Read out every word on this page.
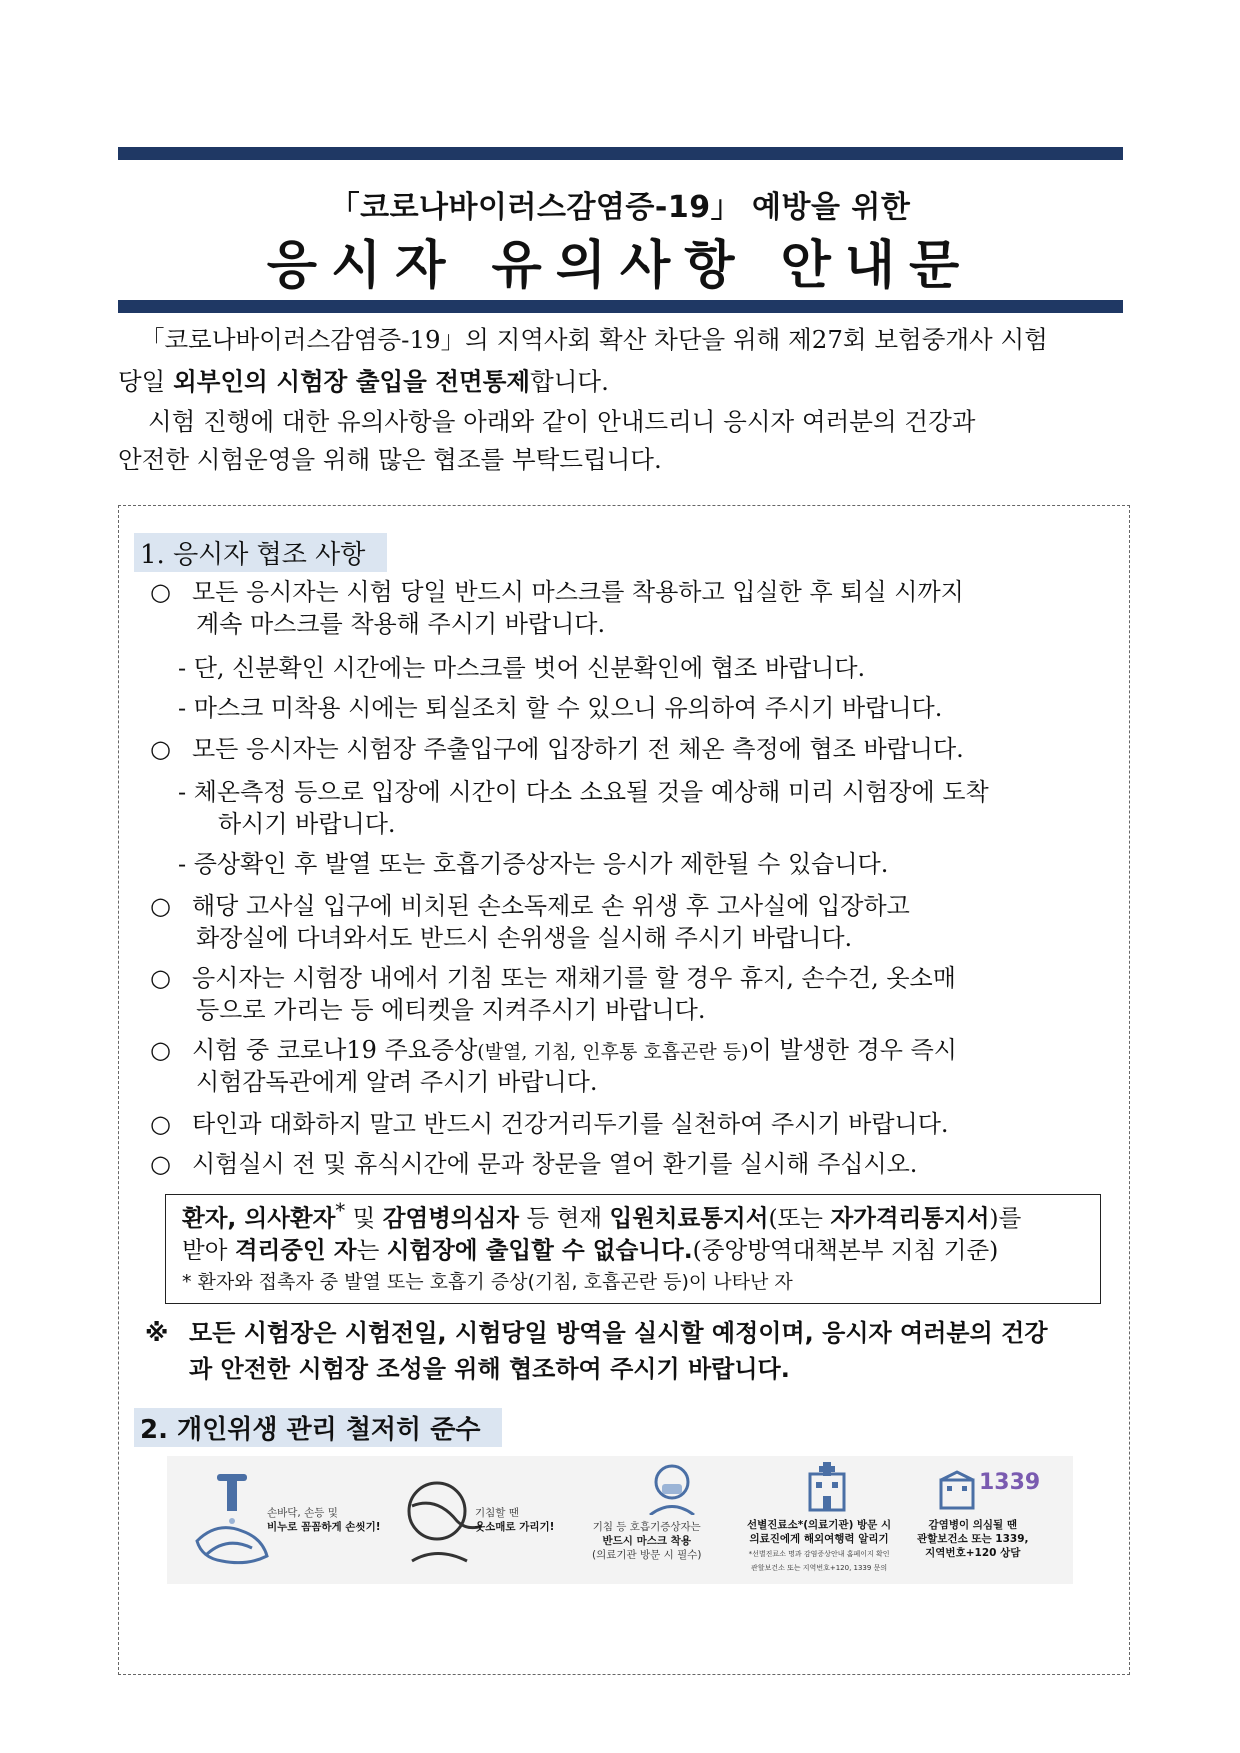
「코로나바이러스감염증-19」 예방을 위한
응시자 유의사항 안내문
「코로나바이러스감염증-19」의 지역사회 확산 차단을 위해 제27회 보험중개사 시험
당일 외부인의 시험장 출입을 전면통제합니다.
시험 진행에 대한 유의사항을 아래와 같이 안내드리니 응시자 여러분의 건강과
안전한 시험운영을 위해 많은 협조를 부탁드립니다.
1. 응시자 협조 사항
○ 모든 응시자는 시험 당일 반드시 마스크를 착용하고 입실한 후 퇴실 시까지
계속 마스크를 착용해 주시기 바랍니다.
- 단, 신분확인 시간에는 마스크를 벗어 신분확인에 협조 바랍니다.
- 마스크 미착용 시에는 퇴실조치 할 수 있으니 유의하여 주시기 바랍니다.
○ 모든 응시자는 시험장 주출입구에 입장하기 전 체온 측정에 협조 바랍니다.
- 체온측정 등으로 입장에 시간이 다소 소요될 것을 예상해 미리 시험장에 도착
하시기 바랍니다.
- 증상확인 후 발열 또는 호흡기증상자는 응시가 제한될 수 있습니다.
○ 해당 고사실 입구에 비치된 손소독제로 손 위생 후 고사실에 입장하고
화장실에 다녀와서도 반드시 손위생을 실시해 주시기 바랍니다.
○ 응시자는 시험장 내에서 기침 또는 재채기를 할 경우 휴지, 손수건, 옷소매
등으로 가리는 등 에티켓을 지켜주시기 바랍니다.
○ 시험 중 코로나19 주요증상(발열, 기침, 인후통 호흡곤란 등)이 발생한 경우 즉시
시험감독관에게 알려 주시기 바랍니다.
○ 타인과 대화하지 말고 반드시 건강거리두기를 실천하여 주시기 바랍니다.
○ 시험실시 전 및 휴식시간에 문과 창문을 열어 환기를 실시해 주십시오.
환자, 의사환자* 및 감염병의심자 등 현재 입원치료통지서(또는 자가격리통지서)를
받아 격리중인 자는 시험장에 출입할 수 없습니다.(중앙방역대책본부 지침 기준)
* 환자와 접촉자 중 발열 또는 호흡기 증상(기침, 호흡곤란 등)이 나타난 자
※ 모든 시험장은 시험전일, 시험당일 방역을 실시할 예정이며, 응시자 여러분의 건강
과 안전한 시험장 조성을 위해 협조하여 주시기 바랍니다.
2. 개인위생 관리 철저히 준수
손바닥, 손등 및
비누로 꼼꼼하게 손씻기!
기침할 땐
옷소매로 가리기!	기침 등 호흡기증상자는
반드시 마스크 착용
(의료기관 방문 시 필수)
선별진료소*(의료기관) 방문 시
의료진에게 해외여행력 알리기
*선별진료소 명과 감염증상안내 홈페이지 확인
관할보건소 또는 지역번호+120, 1339 문의
1339
감염병이 의심될 땐
관할보건소 또는 1339,
지역번호+120 상담
